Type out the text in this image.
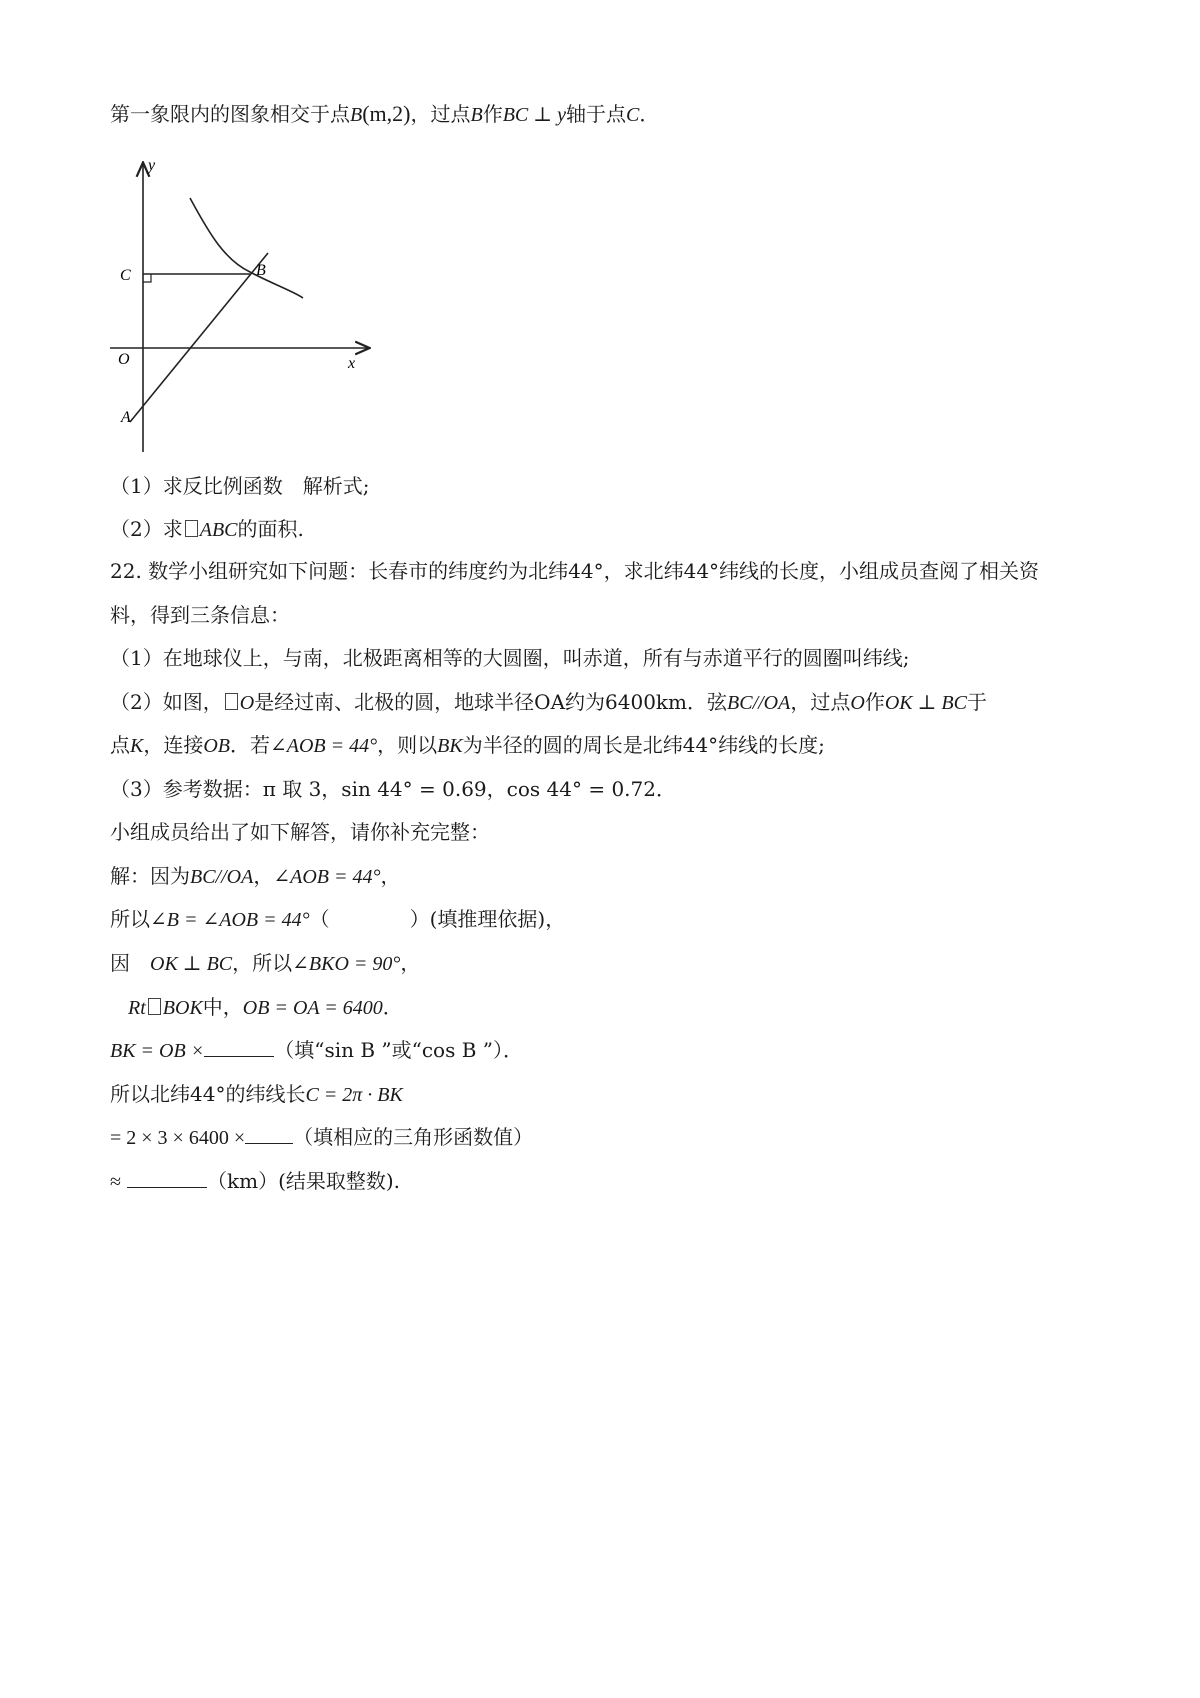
第一象限内的图象相交于点B(m,2)，过点B作BC ⊥ y轴于点C．
y
x
O
A
B
C
（1）求反比例函数　解析式;
（2）求 ABC的面积.
22. 数学小组研究如下问题：长春市的纬度约为北纬44°，求北纬44°纬线的长度，小组成员查阅了相关资
料，得到三条信息：
（1）在地球仪上，与南，北极距离相等的大圆圈，叫赤道，所有与赤道平行的圆圈叫纬线;
（2）如图， O是经过南、北极的圆，地球半径OA约为6400km．弦BC//OA，过点O作OK ⊥ BC于
点K，连接OB．若∠AOB = 44°，则以BK为半径的圆的周长是北纬44°纬线的长度;
（3）参考数据：π 取 3，sin 44° = 0.69，cos 44° = 0.72．
小组成员给出了如下解答，请你补充完整：
解：因为BC//OA，∠AOB = 44°，
所以∠B = ∠AOB = 44°（　　　　）(填推理依据)，
因　OK ⊥ BC，所以∠BKO = 90°，
Rt BOK中，OB = OA = 6400．
BK = OB ×	（填“sin B ”或“cos B ”）．
所以北纬44°的纬线长C = 2π · BK
= 2 × 3 × 6400 × （填相应的三角形函数值）
≈	（km）(结果取整数).
